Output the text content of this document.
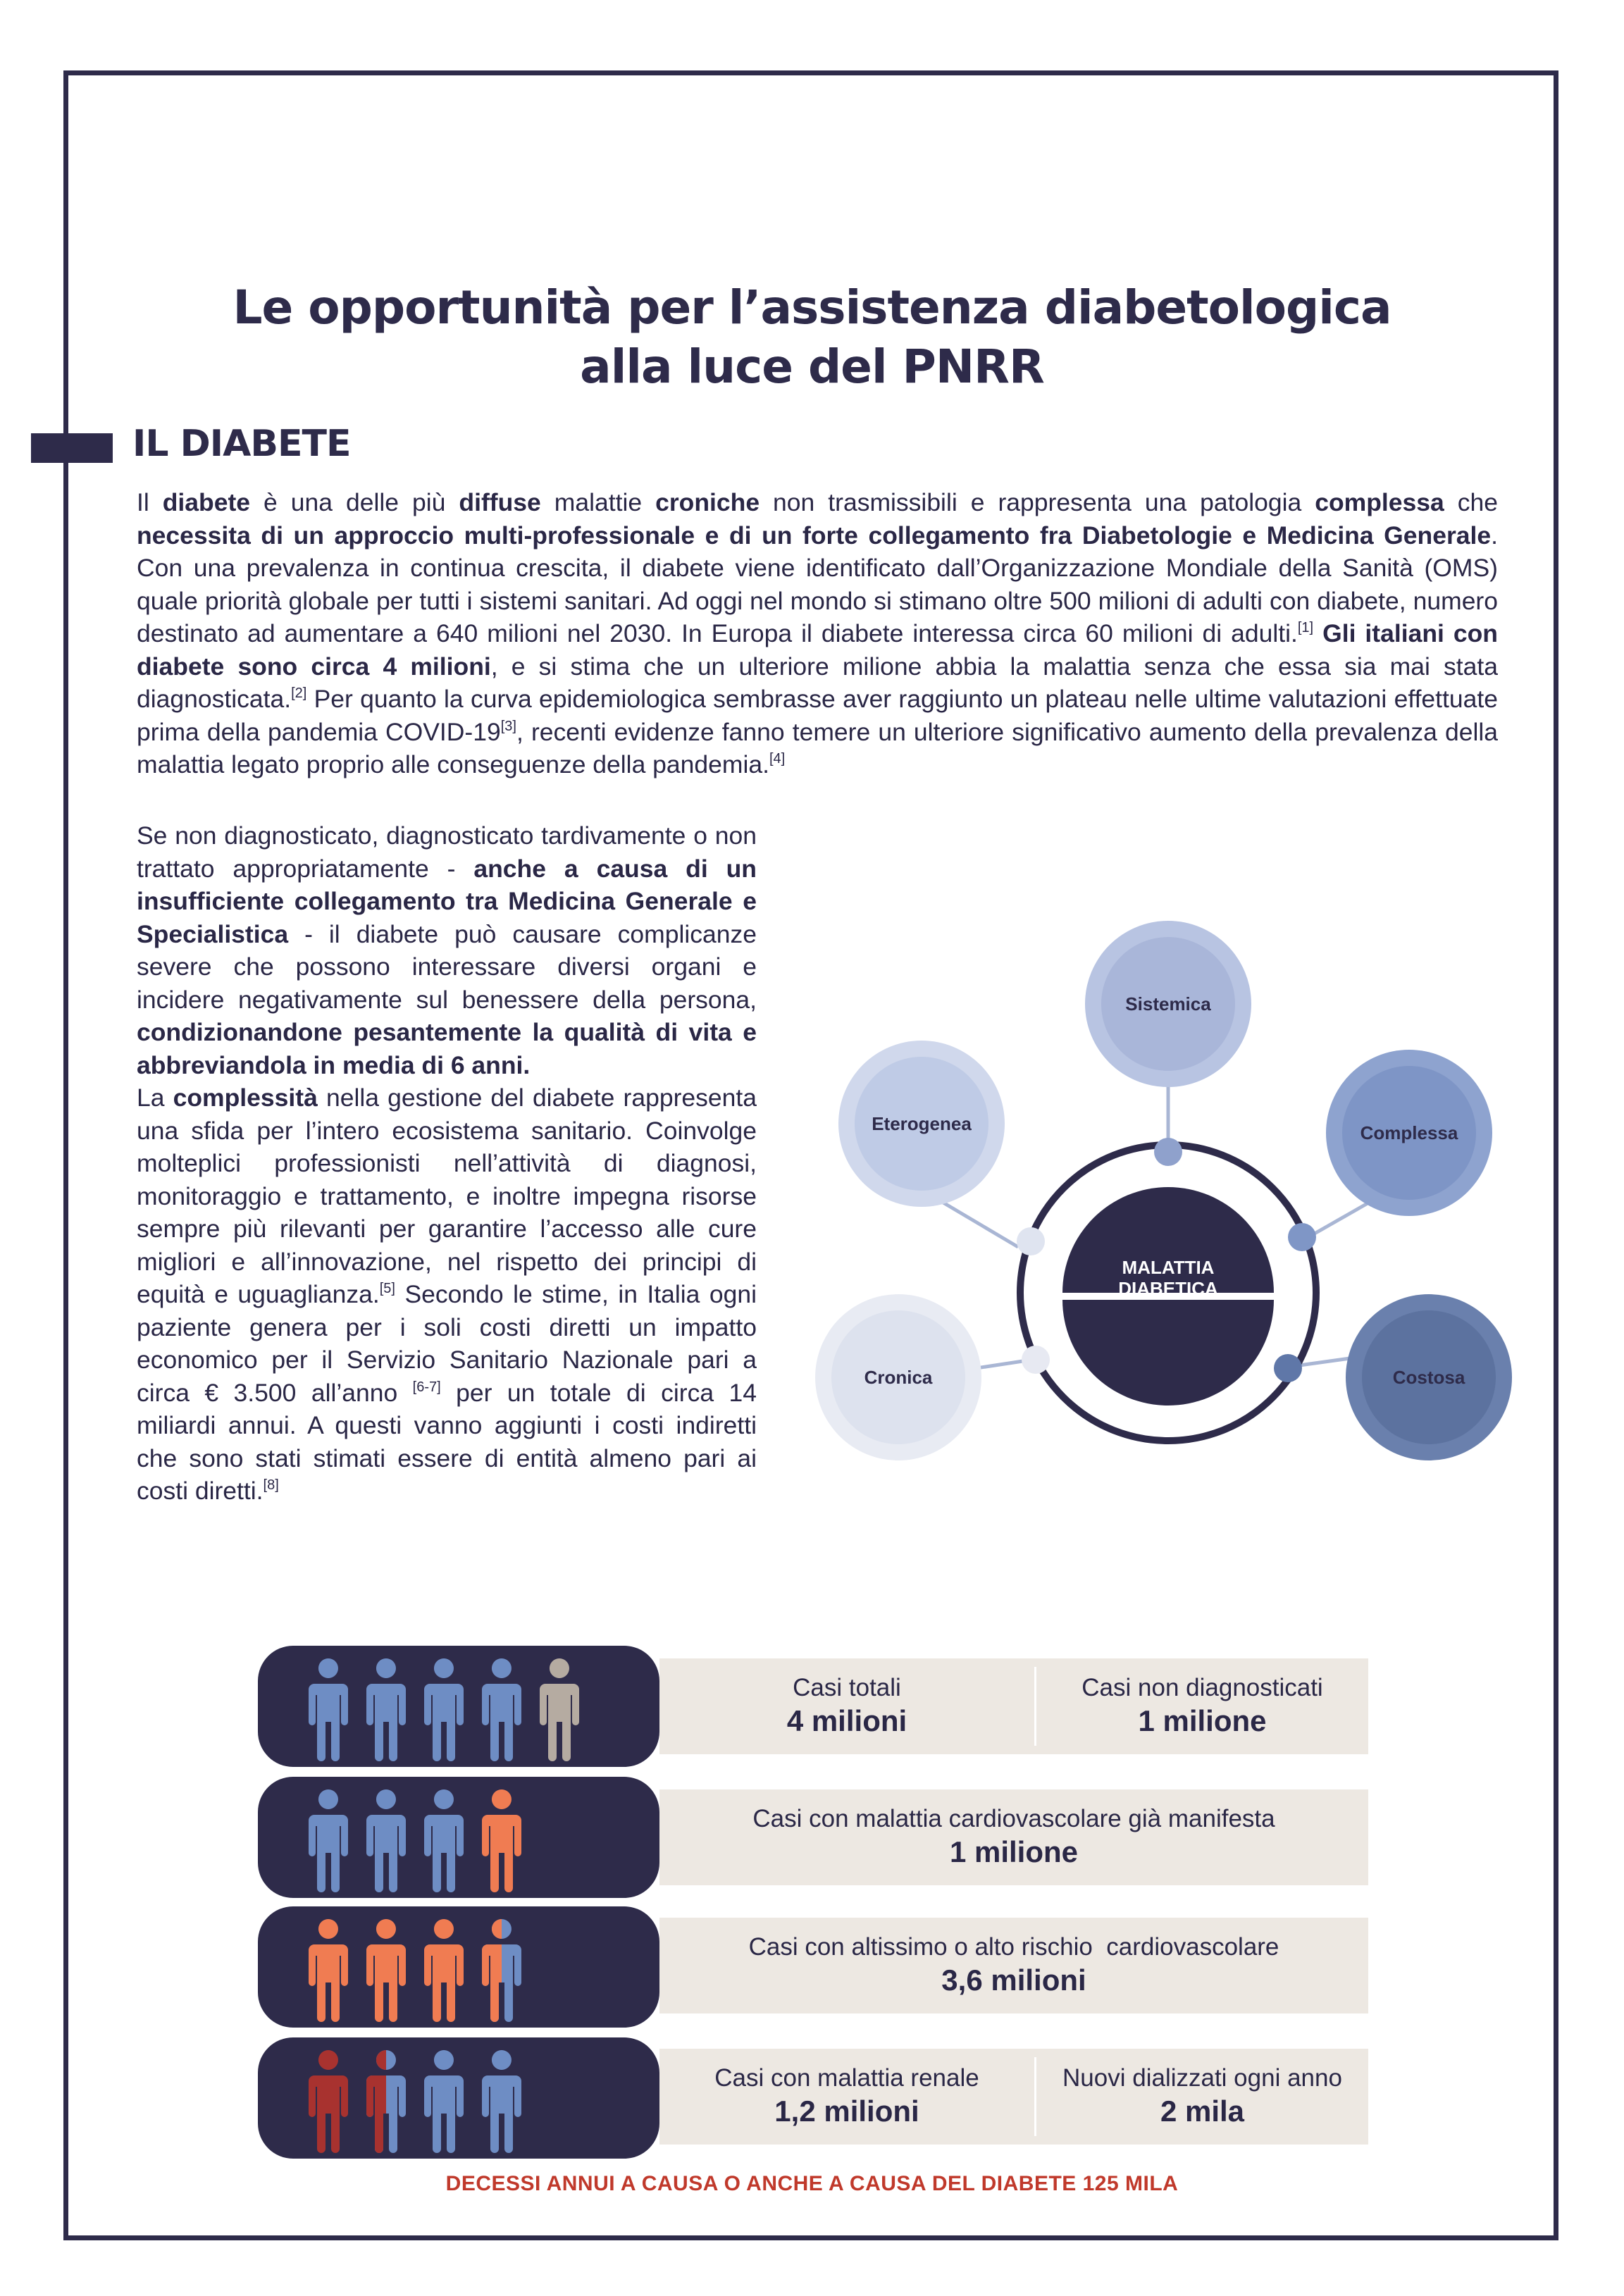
Le opportunità per l’assistenza diabetologica
alla luce del PNRR
IL DIABETE
Il diabete è una delle più diffuse malattie croniche non trasmissibili e rappresenta una patologia complessa che necessita di un approccio multi-professionale e di un forte collegamento fra Diabetologie e Medicina Generale. Con una prevalenza in continua crescita, il diabete viene identificato dall’Organizzazione Mondiale della Sanità (OMS) quale priorità globale per tutti i sistemi sanitari. Ad oggi nel mondo si stimano oltre 500 milioni di adulti con diabete, numero destinato ad aumentare a 640 milioni nel 2030. In Europa il diabete interessa circa 60 milioni di adulti.[1] Gli italiani con diabete sono circa 4 milioni, e si stima che un ulteriore milione abbia la malattia senza che essa sia mai stata diagnosticata.[2] Per quanto la curva epidemiologica sembrasse aver raggiunto un plateau nelle ultime valutazioni effettuate prima della pandemia COVID-19[3], recenti evidenze fanno temere un ulteriore significativo aumento della prevalenza della malattia legato proprio alle conseguenze della pandemia.[4]
Se non diagnosticato, diagnosticato tardivamente o non trattato appropriatamente - anche a causa di un insufficiente collegamento tra Medicina Generale e Specialistica - il diabete può causare complicanze severe che possono interessare diversi organi e incidere negativamente sul benessere della persona, condizionandone pesantemente la qualità di vita e abbreviandola in media di 6 anni.
La complessità nella gestione del diabete rappresenta una sfida per l’intero ecosistema sanitario. Coinvolge molteplici professionisti nell’attività di diagnosi, monitoraggio e trattamento, e inoltre impegna risorse sempre più rilevanti per garantire l’accesso alle cure migliori e all’innovazione, nel rispetto dei principi di equità e uguaglianza.[5] Secondo le stime, in Italia ogni paziente genera per i soli costi diretti un impatto economico per il Servizio Sanitario Nazionale pari a circa € 3.500 all’anno [6-7] per un totale di circa 14 miliardi annui. A questi vanno aggiunti i costi indiretti che sono stati stimati essere di entità almeno pari ai costi diretti.[8]
MALATTIA
DIABETICA
Sistemica
Eterogenea	Complessa
Cronica	Costosa
Casi totali
4 milioni
Casi non diagnosticati
1 milione
Casi con malattia cardiovascolare già manifesta
1 milione
Casi con altissimo o alto rischio  cardiovascolare
3,6 milioni
Casi con malattia renale
1,2 milioni
Nuovi dializzati ogni anno
2 mila
DECESSI ANNUI A CAUSA O ANCHE A CAUSA DEL DIABETE 125 MILA
